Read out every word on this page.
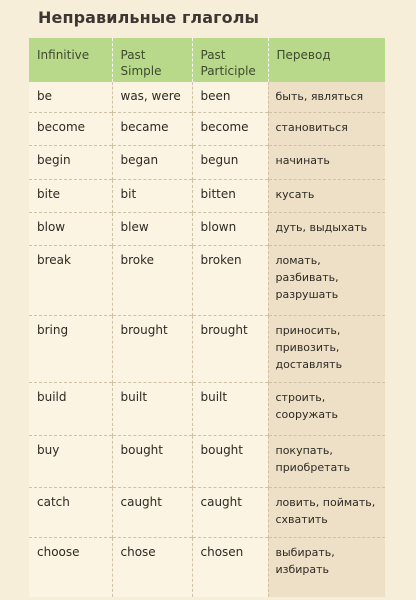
Неправильные глаголы
Infinitive	Past Simple	Past Participle	Перевод
be	was, were	been	быть, являться
become	became	become	становиться
begin	began	begun	начинать
bite	bit	bitten	кусать
blow	blew	blown	дуть, выдыхать
break	broke	broken	ломать, разбивать, разрушать
bring	brought	brought	приносить, привозить, доставлять
build	built	built	строить, сооружать
buy	bought	bought	покупать, приобретать
catch	caught	caught	ловить, поймать, схватить
choose	chose	chosen	выбирать, избирать
